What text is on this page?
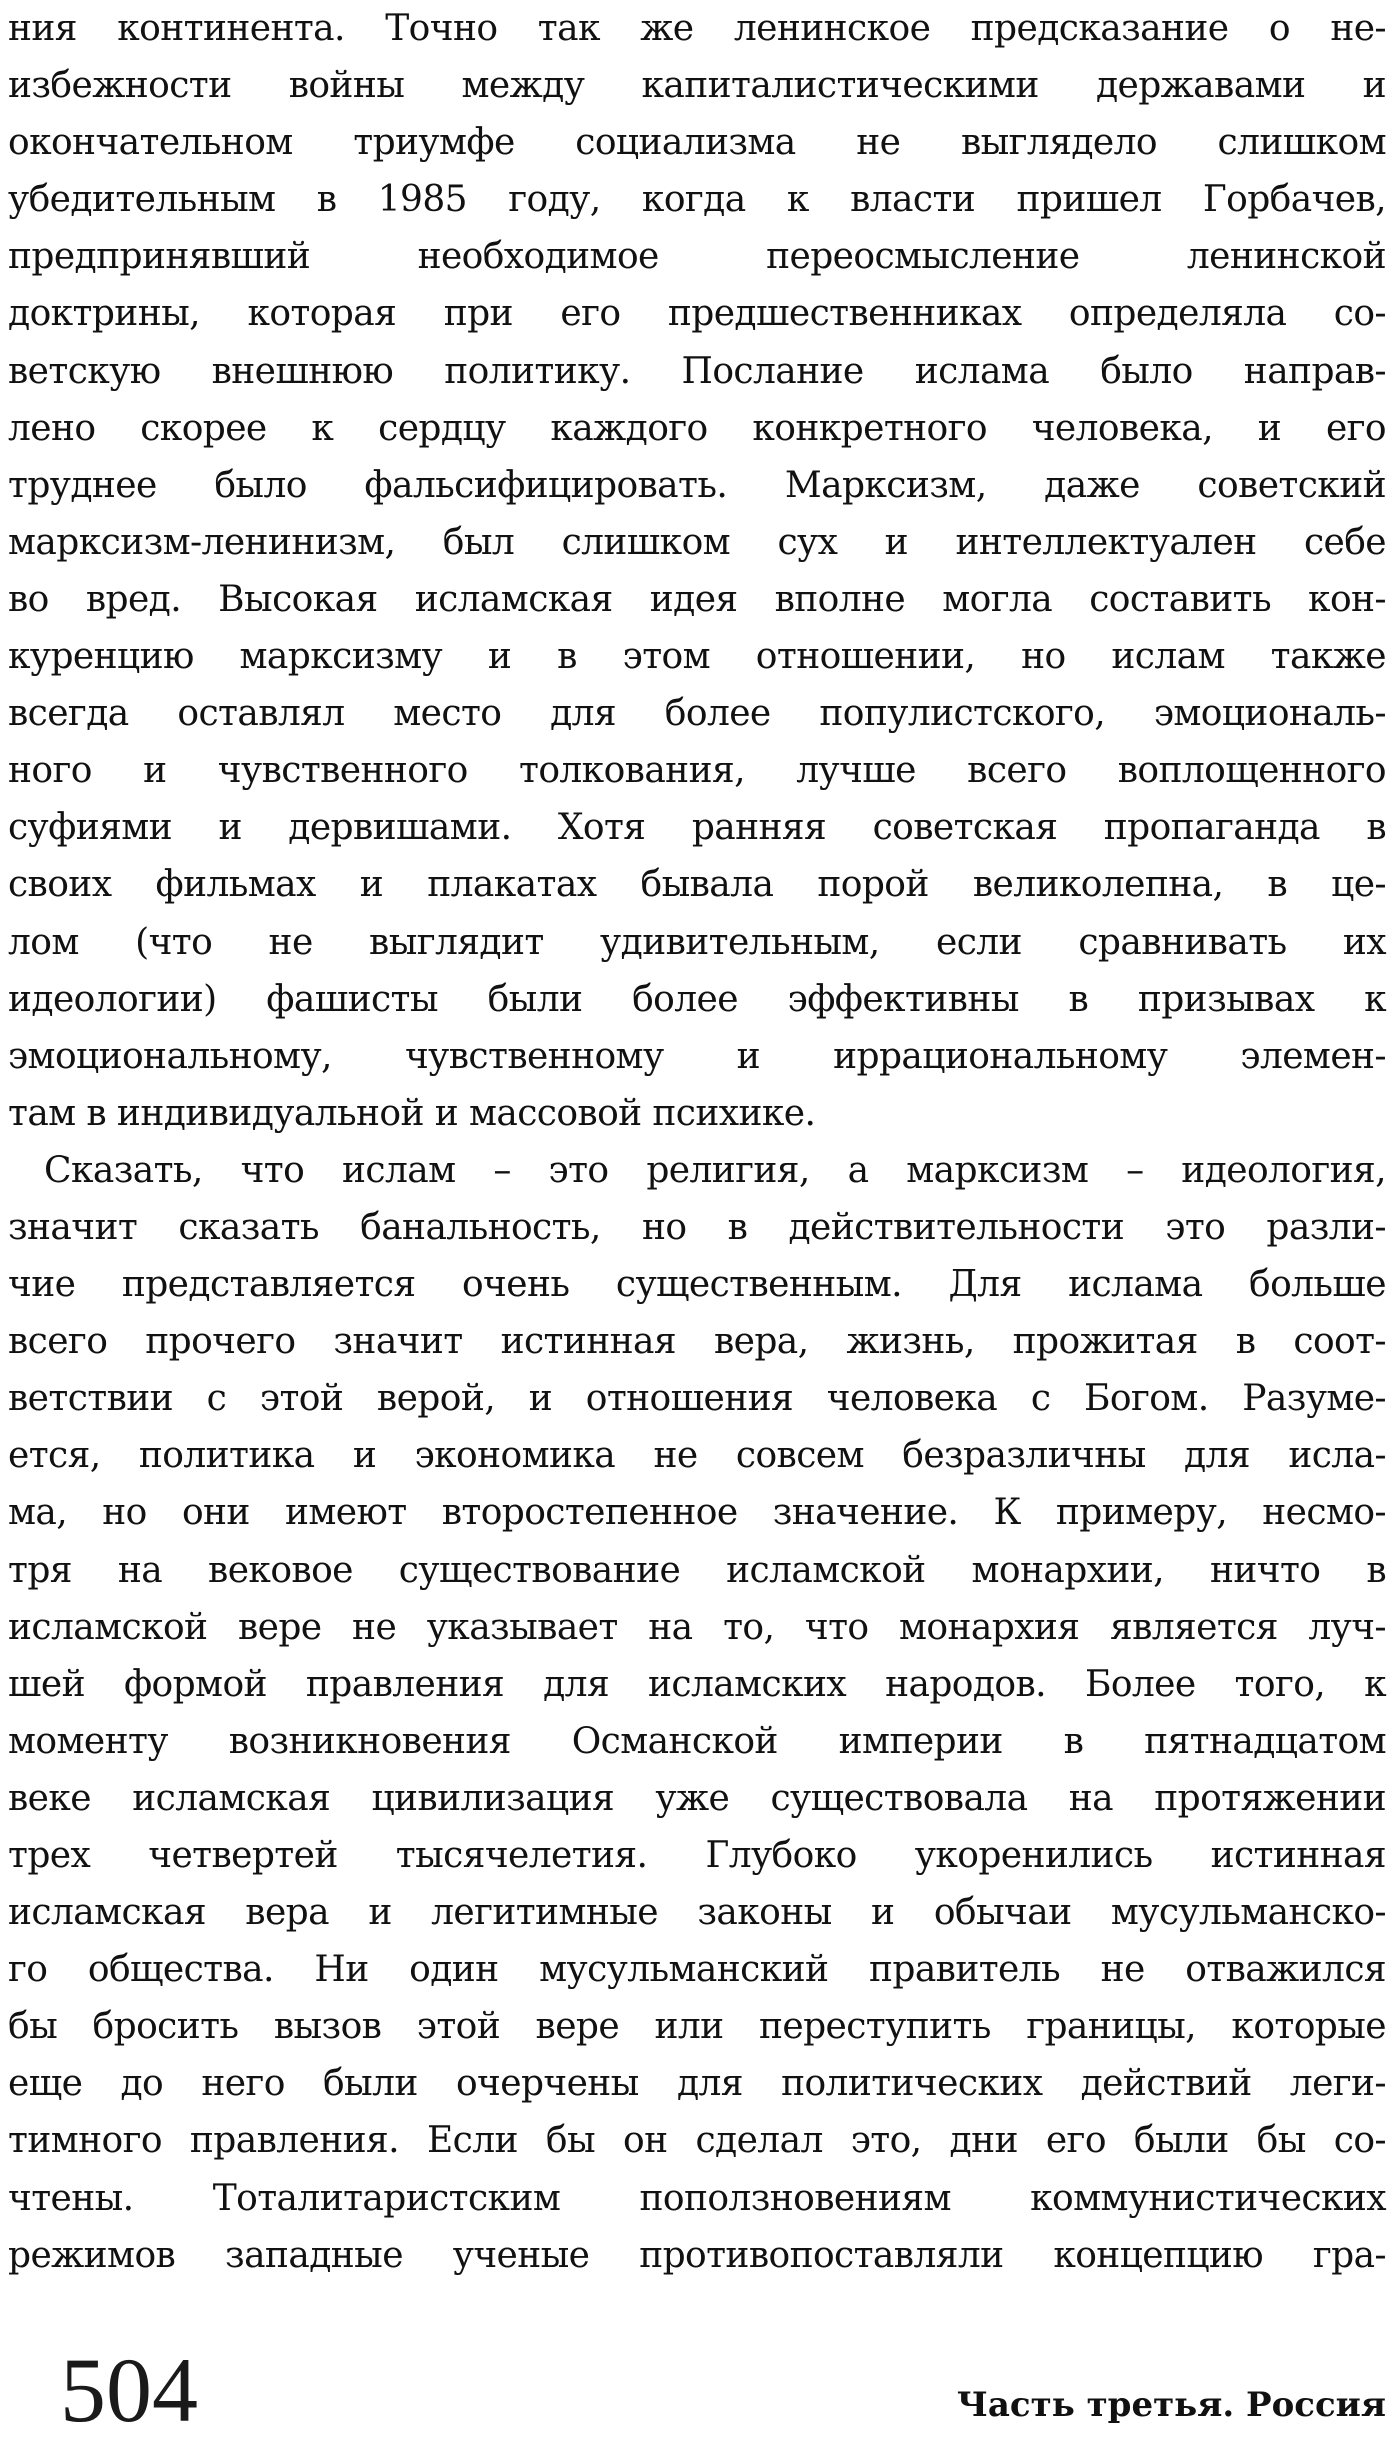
ния континента. Точно так же ленинское предсказание о не-
избежности войны между капиталистическими державами и
окончательном триумфе социализма не выглядело слишком
убедительным в 1985 году, когда к власти пришел Горбачев,
предпринявший необходимое переосмысление ленинской
доктрины, которая при его предшественниках определяла со-
ветскую внешнюю политику. Послание ислама было направ-
лено скорее к сердцу каждого конкретного человека, и его
труднее было фальсифицировать. Марксизм, даже советский
марксизм-ленинизм, был слишком сух и интеллектуален себе
во вред. Высокая исламская идея вполне могла составить кон-
куренцию марксизму и в этом отношении, но ислам также
всегда оставлял место для более популистского, эмоциональ-
ного и чувственного толкования, лучше всего воплощенного
суфиями и дервишами. Хотя ранняя советская пропаганда в
своих фильмах и плакатах бывала порой великолепна, в це-
лом (что не выглядит удивительным, если сравнивать их
идеологии) фашисты были более эффективны в призывах к
эмоциональному, чувственному и иррациональному элемен-
там в индивидуальной и массовой психике.
Сказать, что ислам – это религия, а марксизм – идеология,
значит сказать банальность, но в действительности это разли-
чие представляется очень существенным. Для ислама больше
всего прочего значит истинная вера, жизнь, прожитая в соот-
ветствии с этой верой, и отношения человека с Богом. Разуме-
ется, политика и экономика не совсем безразличны для исла-
ма, но они имеют второстепенное значение. К примеру, несмо-
тря на вековое существование исламской монархии, ничто в
исламской вере не указывает на то, что монархия является луч-
шей формой правления для исламских народов. Более того, к
моменту возникновения Османской империи в пятнадцатом
веке исламская цивилизация уже существовала на протяжении
трех четвертей тысячелетия. Глубоко укоренились истинная
исламская вера и легитимные законы и обычаи мусульманско-
го общества. Ни один мусульманский правитель не отважился
бы бросить вызов этой вере или переступить границы, которые
еще до него были очерчены для политических действий леги-
тимного правления. Если бы он сделал это, дни его были бы со-
чтены. Тоталитаристским поползновениям коммунистических
режимов западные ученые противопоставляли концепцию гра-
504	Часть третья. Россия
